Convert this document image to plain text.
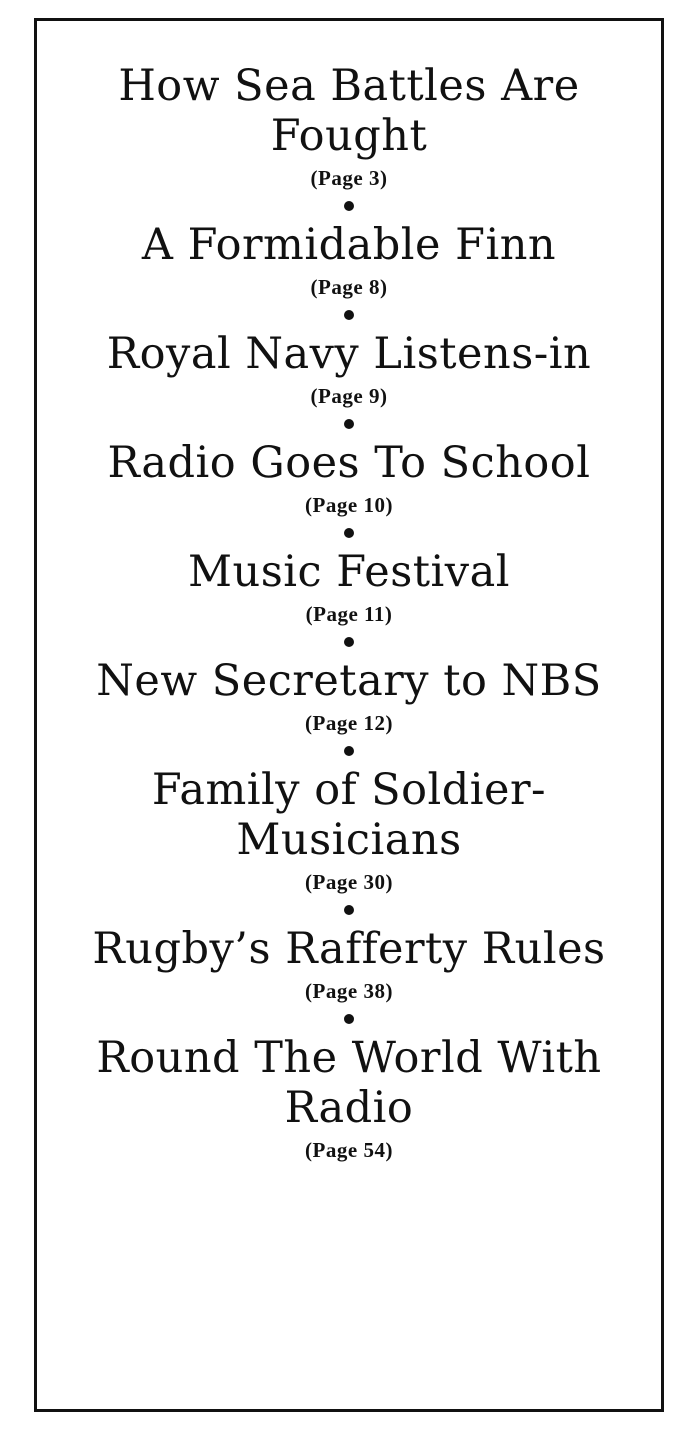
How Sea Battles Are
Fought
(Page 3)
A Formidable Finn
(Page 8)
Royal Navy Listens-in
(Page 9)
Radio Goes To School
(Page 10)
Music Festival
(Page 11)
New Secretary to NBS
(Page 12)
Family of Soldier-
Musicians
(Page 30)
Rugby’s Rafferty Rules
(Page 38)
Round The World With
Radio
(Page 54)
